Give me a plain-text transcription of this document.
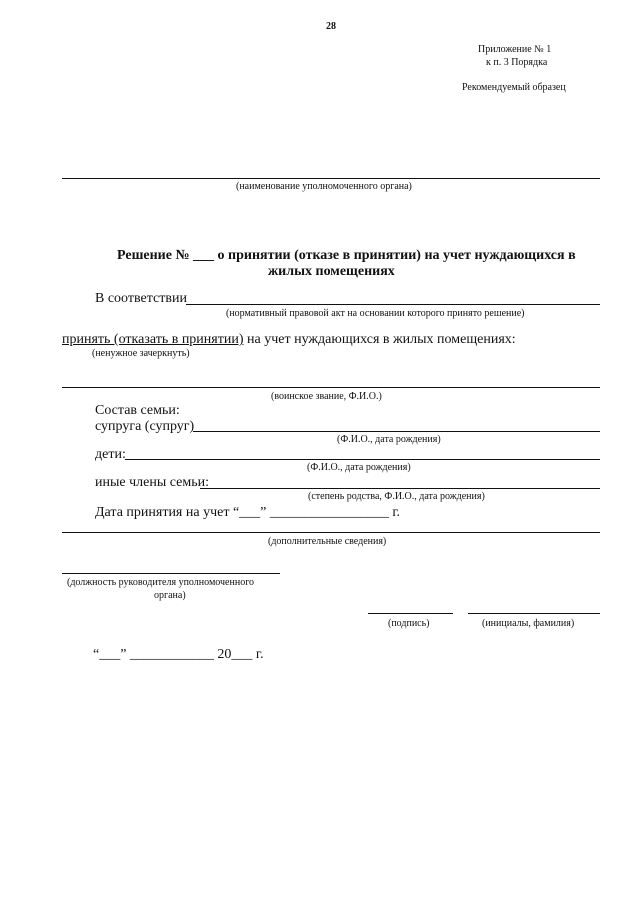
28
Приложение № 1
к п. 3 Порядка
Рекомендуемый образец
(наименование уполномоченного органа)
Решение № ___ о принятии (отказе в принятии) на учет нуждающихся в
жилых помещениях
В соответствии
(нормативный правовой акт на основании которого принято решение)
принять (отказать в принятии) на учет нуждающихся в жилых помещениях:
(ненужное зачеркнуть)
(воинское звание, Ф.И.О.)
Состав семьи:
супруга (супруг)
(Ф.И.О., дата рождения)
дети:
(Ф.И.О., дата рождения)
иные члены семьи:
(степень родства, Ф.И.О., дата рождения)
Дата принятия на учет “___” _________________ г.
(дополнительные сведения)
(должность руководителя уполномоченного
органа)
(подпись)	(инициалы, фамилия)
“___” ____________ 20___ г.
